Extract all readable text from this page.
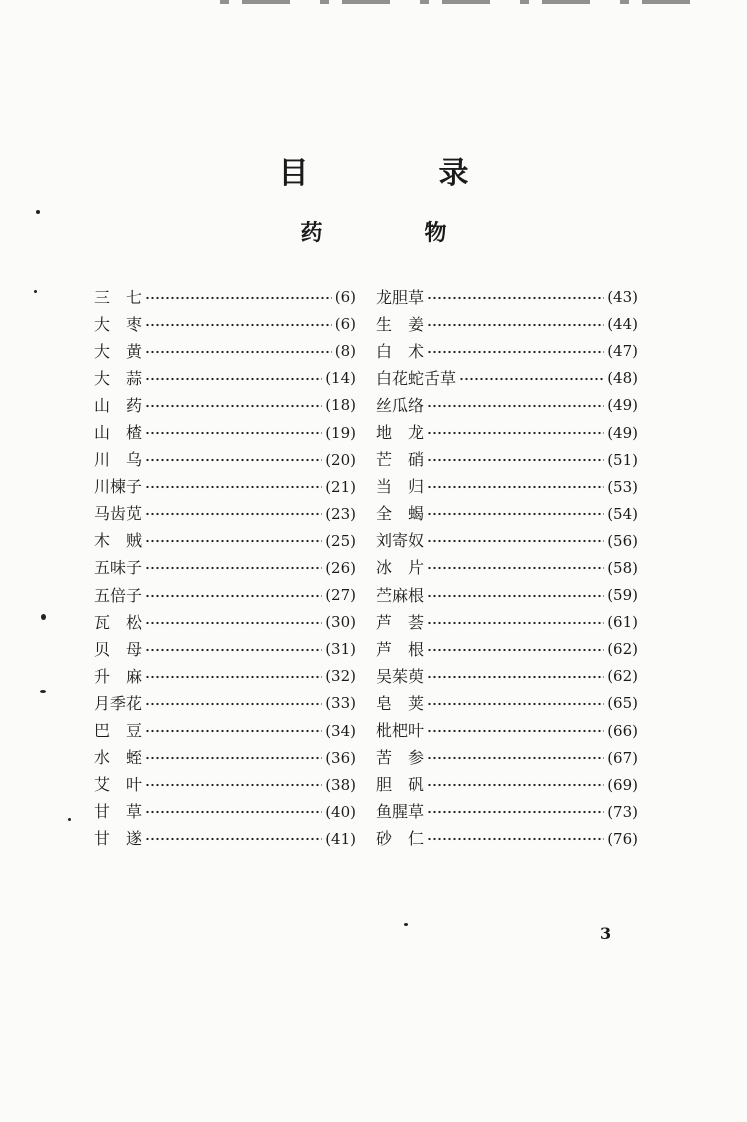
目　录
药　物
三　七	(6)
大　枣	(6)
大　黄	(8)
大　蒜	(14)
山　药	(18)
山　楂	(19)
川　乌	(20)
川楝子	(21)
马齿苋	(23)
木　贼	(25)
五味子	(26)
五倍子	(27)
瓦　松	(30)
贝　母	(31)
升　麻	(32)
月季花	(33)
巴　豆	(34)
水　蛭	(36)
艾　叶	(38)
甘　草	(40)
甘　遂	(41)
龙胆草	(43)
生　姜	(44)
白　术	(47)
白花蛇舌草	(48)
丝瓜络	(49)
地　龙	(49)
芒　硝	(51)
当　归	(53)
全　蝎	(54)
刘寄奴	(56)
冰　片	(58)
苎麻根	(59)
芦　荟	(61)
芦　根	(62)
吴茱萸	(62)
皂　荚	(65)
枇杷叶	(66)
苦　参	(67)
胆　矾	(69)
鱼腥草	(73)
砂　仁	(76)
3
